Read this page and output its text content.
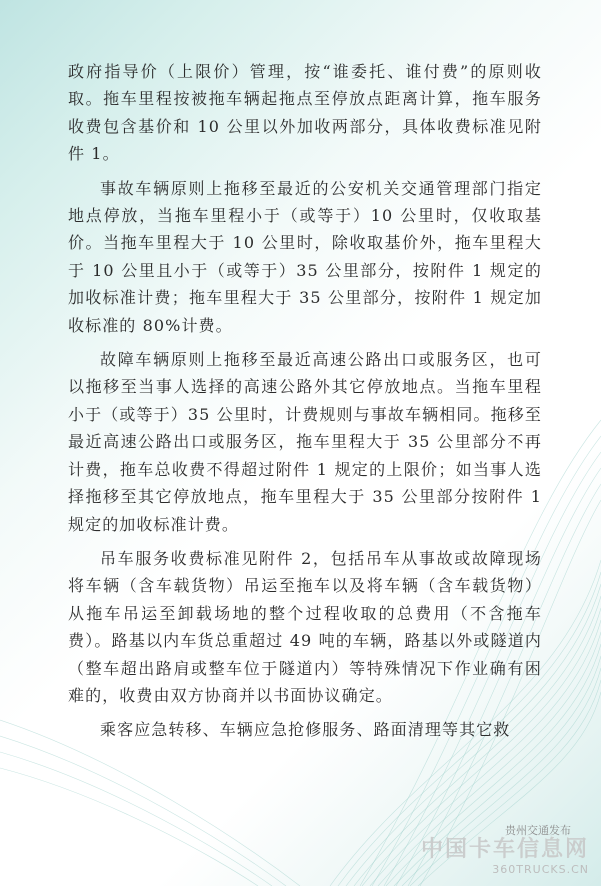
政府指导价（上限价）管理，按“谁委托、谁付费”的原则收取。拖车里程按被拖车辆起拖点至停放点距离计算，拖车服务收费包含基价和 10 公里以外加收两部分，具体收费标准见附件 1。

事故车辆原则上拖移至最近的公安机关交通管理部门指定地点停放，当拖车里程小于（或等于）10 公里时，仅收取基价。当拖车里程大于 10 公里时，除收取基价外，拖车里程大于 10 公里且小于（或等于）35 公里部分，按附件 1 规定的加收标准计费；拖车里程大于 35 公里部分，按附件 1 规定加收标准的 80%计费。

故障车辆原则上拖移至最近高速公路出口或服务区，也可以拖移至当事人选择的高速公路外其它停放地点。当拖车里程小于（或等于）35 公里时，计费规则与事故车辆相同。拖移至最近高速公路出口或服务区，拖车里程大于 35 公里部分不再计费，拖车总收费不得超过附件 1 规定的上限价；如当事人选择拖移至其它停放地点，拖车里程大于 35 公里部分按附件 1 规定的加收标准计费。

吊车服务收费标准见附件 2，包括吊车从事故或故障现场将车辆（含车载货物）吊运至拖车以及将车辆（含车载货物）从拖车吊运至卸载场地的整个过程收取的总费用（不含拖车费）。路基以内车货总重超过 49 吨的车辆，路基以外或隧道内（整车超出路肩或整车位于隧道内）等特殊情况下作业确有困难的，收费由双方协商并以书面协议确定。

乘客应急转移、车辆应急抢修服务、路面清理等其它救

贵州交通发布
中国卡车信息网
360TRUCKS.CN
